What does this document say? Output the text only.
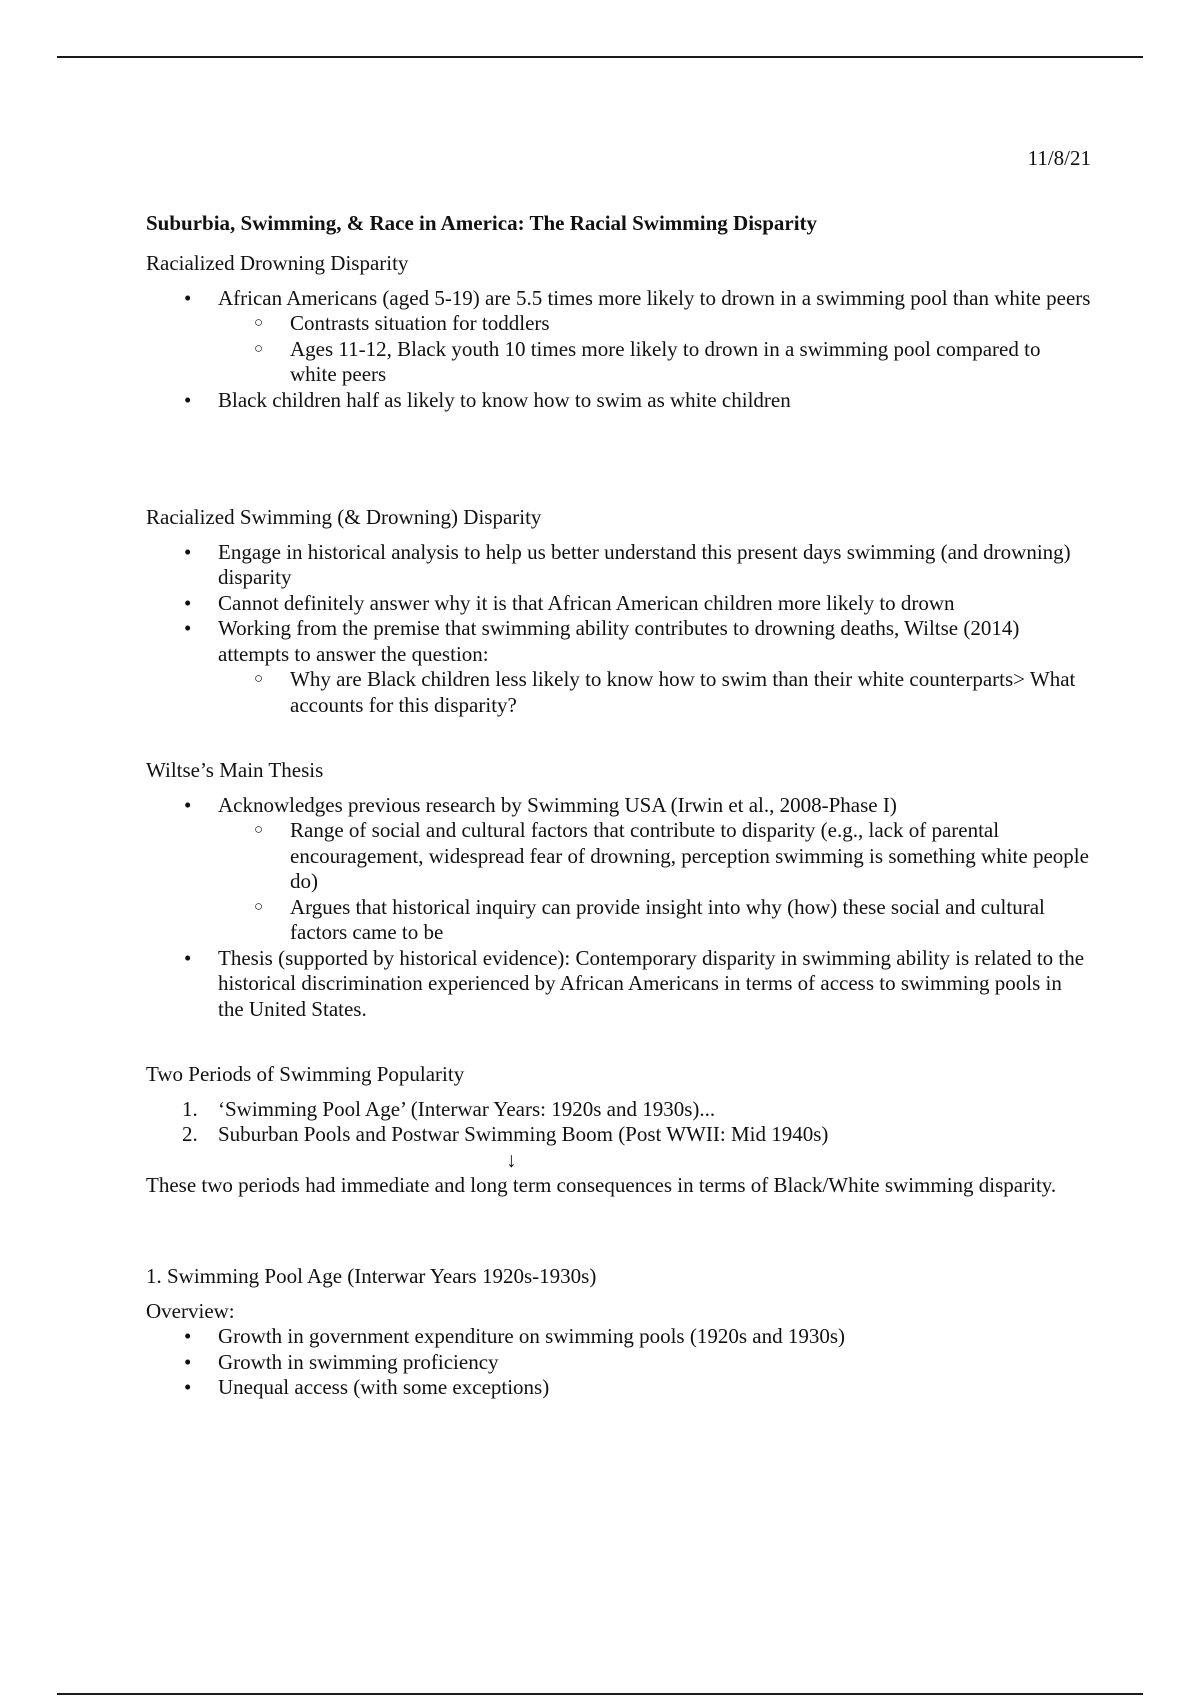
11/8/21
Suburbia, Swimming, & Race in America: The Racial Swimming Disparity
Racialized Drowning Disparity
• African Americans (aged 5-19) are 5.5 times more likely to drown in a swimming pool than white peers
○ Contrasts situation for toddlers
○ Ages 11-12, Black youth 10 times more likely to drown in a swimming pool compared to white peers
• Black children half as likely to know how to swim as white children
Racialized Swimming (& Drowning) Disparity
• Engage in historical analysis to help us better understand this present days swimming (and drowning) disparity
• Cannot definitely answer why it is that African American children more likely to drown
• Working from the premise that swimming ability contributes to drowning deaths, Wiltse (2014) attempts to answer the question:
○ Why are Black children less likely to know how to swim than their white counterparts> What accounts for this disparity?
Wiltse’s Main Thesis
• Acknowledges previous research by Swimming USA (Irwin et al., 2008-Phase I)
○ Range of social and cultural factors that contribute to disparity (e.g., lack of parental encouragement, widespread fear of drowning, perception swimming is something white people do)
○ Argues that historical inquiry can provide insight into why (how) these social and cultural factors came to be
• Thesis (supported by historical evidence): Contemporary disparity in swimming ability is related to the historical discrimination experienced by African Americans in terms of access to swimming pools in the United States.
Two Periods of Swimming Popularity
1. ‘Swimming Pool Age’ (Interwar Years: 1920s and 1930s)...
2. Suburban Pools and Postwar Swimming Boom (Post WWII: Mid 1940s)
↓

These two periods had immediate and long term consequences in terms of Black/White swimming disparity.

1. Swimming Pool Age (Interwar Years 1920s-1930s)
Overview:
• Growth in government expenditure on swimming pools (1920s and 1930s)
• Growth in swimming proficiency
• Unequal access (with some exceptions)
